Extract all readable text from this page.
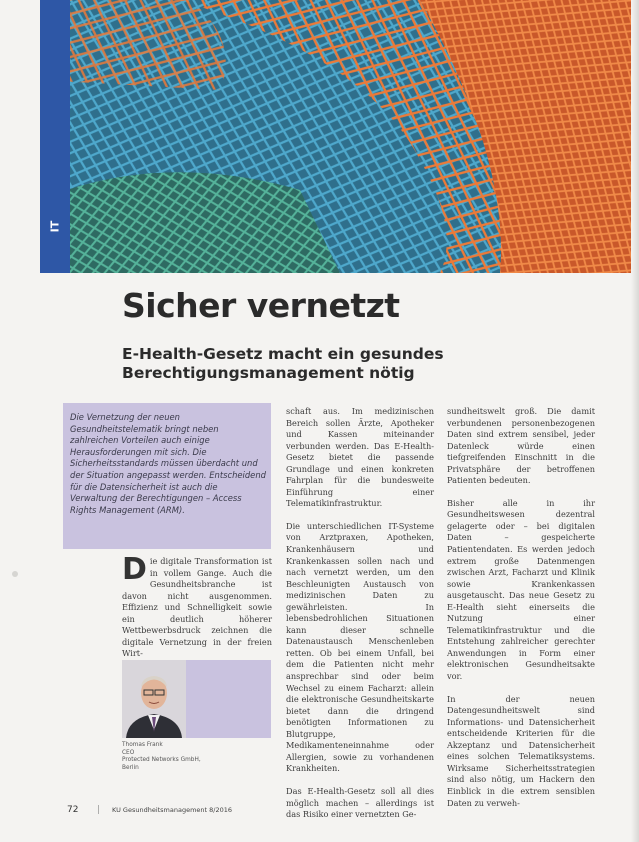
IT
Sicher vernetzt
E-Health-Gesetz macht ein gesundes Berechtigungsmanagement nötig
Die Vernetzung der neuen Gesundheitstelematik bringt neben zahlreichen Vorteilen auch einige Herausforderungen mit sich. Die Sicherheitsstandards müssen überdacht und der Situation angepasst werden. Entscheidend für die Datensicherheit ist auch die Verwaltung der Berechtigungen – Access Rights Management (ARM).
Die digitale Transformation ist in vollem Gange. Auch die Gesundheitsbranche ist davon nicht ausgenommen. Effizienz und Schnelligkeit sowie ein deutlich höherer Wettbewerbsdruck zeichnen die digitale Vernetzung in der freien Wirt-
Thomas Frank
CEO
Protected Networks GmbH,
Berlin

schaft aus. Im medizinischen Bereich sollen Ärzte, Apotheker und Kassen miteinander verbunden werden. Das E-Health-Gesetz bietet die passende Grundlage und einen konkreten Fahrplan für die bundesweite Einführung einer Telematikinfrastruktur.

Die unterschiedlichen IT-Systeme von Arztpraxen, Apotheken, Krankenhäusern und Krankenkassen sollen nach und nach vernetzt werden, um den Beschleunigten Austausch von medizinischen Daten zu gewährleisten. In lebensbedrohlichen Situationen kann dieser schnelle Datenaustausch Menschenleben retten. Ob bei einem Unfall, bei dem die Patienten nicht mehr ansprechbar sind oder beim Wechsel zu einem Facharzt: allein die elektronische Gesundheitskarte bietet dann die dringend benötigten Informationen zu Blutgruppe, Medikamenteneinnahme oder Allergien, sowie zu vorhandenen Krankheiten.

Das E-Health-Gesetz soll all dies möglich machen – allerdings ist das Risiko einer vernetzten Ge-

sundheitswelt groß. Die damit verbundenen personenbezogenen Daten sind extrem sensibel, jeder Datenleck würde einen tiefgreifenden Einschnitt in die Privatsphäre der betroffenen Patienten bedeuten.

Bisher alle in ihr Gesundheitswesen dezentral gelagerte oder – bei digitalen Daten – gespeicherte Patientendaten. Es werden jedoch extrem große Datenmengen zwischen Arzt, Facharzt und Klinik sowie Krankenkassen ausgetauscht. Das neue Gesetz zu E-Health sieht einerseits die Nutzung einer Telematikinfrastruktur und die Entstehung zahlreicher gerechter Anwendungen in Form einer elektronischen Gesundheitsakte vor.

In der neuen Datengesundheitswelt sind Informations- und Datensicherheit entscheidende Kriterien für die Akzeptanz und Datensicherheit eines solchen Telematiksystems. Wirksame Sicherheitsstrategien sind also nötig, um Hackern den Einblick in die extrem sensiblen Daten zu verweh-

72 | KU Gesundheitsmanagement 8/2016
